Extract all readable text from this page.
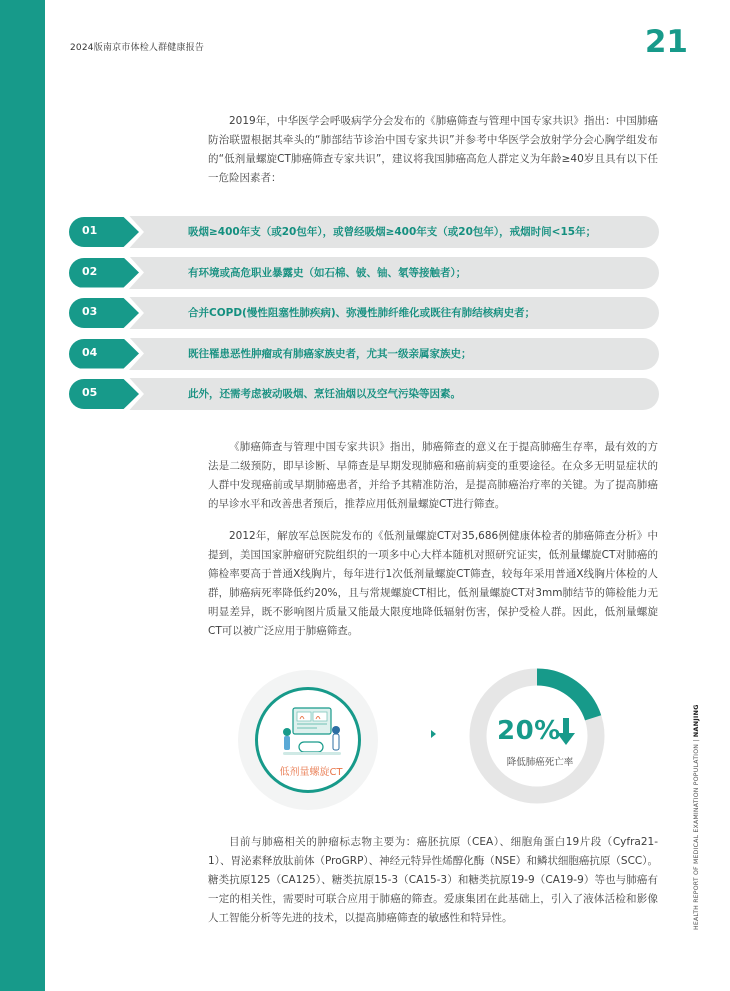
2024版南京市体检人群健康报告	21

2019年，中华医学会呼吸病学分会发布的《肺癌筛查与管理中国专家共识》指出：中国肺癌防治联盟根据其牵头的“肺部结节诊治中国专家共识”并参考中华医学会放射学分会心胸学组发布的“低剂量螺旋CT肺癌筛查专家共识”，建议将我国肺癌高危人群定义为年龄≥40岁且具有以下任一危险因素者：

01	吸烟≥400年支（或20包年），或曾经吸烟≥400年支（或20包年），戒烟时间<15年；
02	有环境或高危职业暴露史（如石棉、铍、铀、氡等接触者）；
03	合并COPD(慢性阻塞性肺疾病)、弥漫性肺纤维化或既往有肺结核病史者；
04	既往罹患恶性肿瘤或有肺癌家族史者，尤其一级亲属家族史；
05	此外，还需考虑被动吸烟、烹饪油烟以及空气污染等因素。

《肺癌筛查与管理中国专家共识》指出，肺癌筛查的意义在于提高肺癌生存率，最有效的方法是二级预防，即早诊断、早筛查是早期发现肺癌和癌前病变的重要途径。在众多无明显症状的人群中发现癌前或早期肺癌患者，并给予其精准防治，是提高肺癌治疗率的关键。为了提高肺癌的早诊水平和改善患者预后，推荐应用低剂量螺旋CT进行筛查。

2012年，解放军总医院发布的《低剂量螺旋CT对35,686例健康体检者的肺癌筛查分析》中提到，美国国家肿瘤研究院组织的一项多中心大样本随机对照研究证实，低剂量螺旋CT对肺癌的筛检率要高于普通X线胸片，每年进行1次低剂量螺旋CT筛查，较每年采用普通X线胸片体检的人群，肺癌病死率降低约20%，且与常规螺旋CT相比，低剂量螺旋CT对3mm肺结节的筛检能力无明显差异，既不影响图片质量又能最大限度地降低辐射伤害，保护受检人群。因此，低剂量螺旋CT可以被广泛应用于肺癌筛查。

低剂量螺旋CT
20%
降低肺癌死亡率

目前与肺癌相关的肿瘤标志物主要为：癌胚抗原（CEA）、细胞角蛋白19片段（Cyfra21-1）、胃泌素释放肽前体（ProGRP）、神经元特异性烯醇化酶（NSE）和鳞状细胞癌抗原（SCC）。糖类抗原125（CA125）、糖类抗原15-3（CA15-3）和糖类抗原19-9（CA19-9）等也与肺癌有一定的相关性，需要时可联合应用于肺癌的筛查。爱康集团在此基础上，引入了液体活检和影像人工智能分析等先进的技术，以提高肺癌筛查的敏感性和特异性。	HEALTH REPORT OF MEDICAL EXAMINATION POPULATION | NANJING
